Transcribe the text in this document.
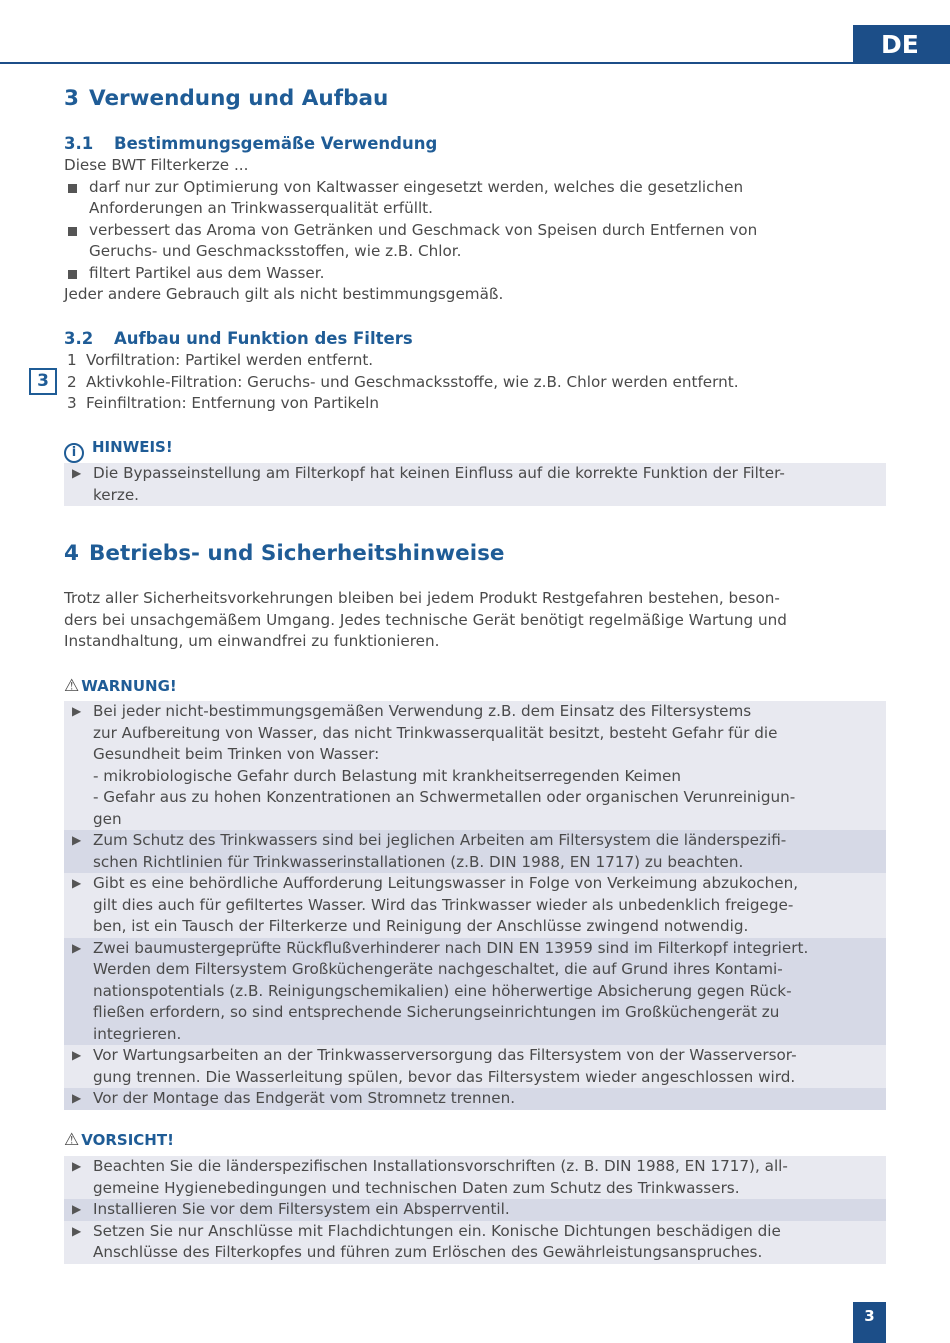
DE
3 Verwendung und Aufbau
3.1 Bestimmungsgemäße Verwendung
Diese BWT Filterkerze ...
darf nur zur Optimierung von Kaltwasser eingesetzt werden, welches die gesetzlichen
Anforderungen an Trinkwasserqualität erfüllt.
verbessert das Aroma von Getränken und Geschmack von Speisen durch Entfernen von
Geruchs- und Geschmacksstoffen, wie z.B. Chlor.
filtert Partikel aus dem Wasser.
Jeder andere Gebrauch gilt als nicht bestimmungsgemäß.
3.2 Aufbau und Funktion des Filters
3
1 Vorfiltration: Partikel werden entfernt.
2 Aktivkohle-Filtration: Geruchs- und Geschmacksstoffe, wie z.B. Chlor werden entfernt.
3 Feinfiltration: Entfernung von Partikeln
i HINWEIS!
▶ Die Bypasseinstellung am Filterkopf hat keinen Einfluss auf die korrekte Funktion der Filter-
kerze.
4 Betriebs- und Sicherheitshinweise
Trotz aller Sicherheitsvorkehrungen bleiben bei jedem Produkt Restgefahren bestehen, beson-
ders bei unsachgemäßem Umgang. Jedes technische Gerät benötigt regelmäßige Wartung und
Instandhaltung, um einwandfrei zu funktionieren.
⚠ WARNUNG!
▶ Bei jeder nicht-bestimmungsgemäßen Verwendung z.B. dem Einsatz des Filtersystems
zur Aufbereitung von Wasser, das nicht Trinkwasserqualität besitzt, besteht Gefahr für die
Gesundheit beim Trinken von Wasser:
- mikrobiologische Gefahr durch Belastung mit krankheitserregenden Keimen
- Gefahr aus zu hohen Konzentrationen an Schwermetallen oder organischen Verunreinigun-
gen
▶ Zum Schutz des Trinkwassers sind bei jeglichen Arbeiten am Filtersystem die länderspezifi-
schen Richtlinien für Trinkwasserinstallationen (z.B. DIN 1988, EN 1717) zu beachten.
▶ Gibt es eine behördliche Aufforderung Leitungswasser in Folge von Verkeimung abzukochen,
gilt dies auch für gefiltertes Wasser. Wird das Trinkwasser wieder als unbedenklich freigege-
ben, ist ein Tausch der Filterkerze und Reinigung der Anschlüsse zwingend notwendig.
▶ Zwei baumustergeprüfte Rückflußverhinderer nach DIN EN 13959 sind im Filterkopf integriert.
Werden dem Filtersystem Großküchengeräte nachgeschaltet, die auf Grund ihres Kontami-
nationspotentials (z.B. Reinigungschemikalien) eine höherwertige Absicherung gegen Rück-
fließen erfordern, so sind entsprechende Sicherungseinrichtungen im Großküchengerät zu
integrieren.
▶ Vor Wartungsarbeiten an der Trinkwasserversorgung das Filtersystem von der Wasserversor-
gung trennen. Die Wasserleitung spülen, bevor das Filtersystem wieder angeschlossen wird.
▶ Vor der Montage das Endgerät vom Stromnetz trennen.
⚠ VORSICHT!
▶ Beachten Sie die länderspezifischen Installationsvorschriften (z. B. DIN 1988, EN 1717), all-
gemeine Hygienebedingungen und technischen Daten zum Schutz des Trinkwassers.
▶ Installieren Sie vor dem Filtersystem ein Absperrventil.
▶ Setzen Sie nur Anschlüsse mit Flachdichtungen ein. Konische Dichtungen beschädigen die
Anschlüsse des Filterkopfes und führen zum Erlöschen des Gewährleistungsanspruches.
3
